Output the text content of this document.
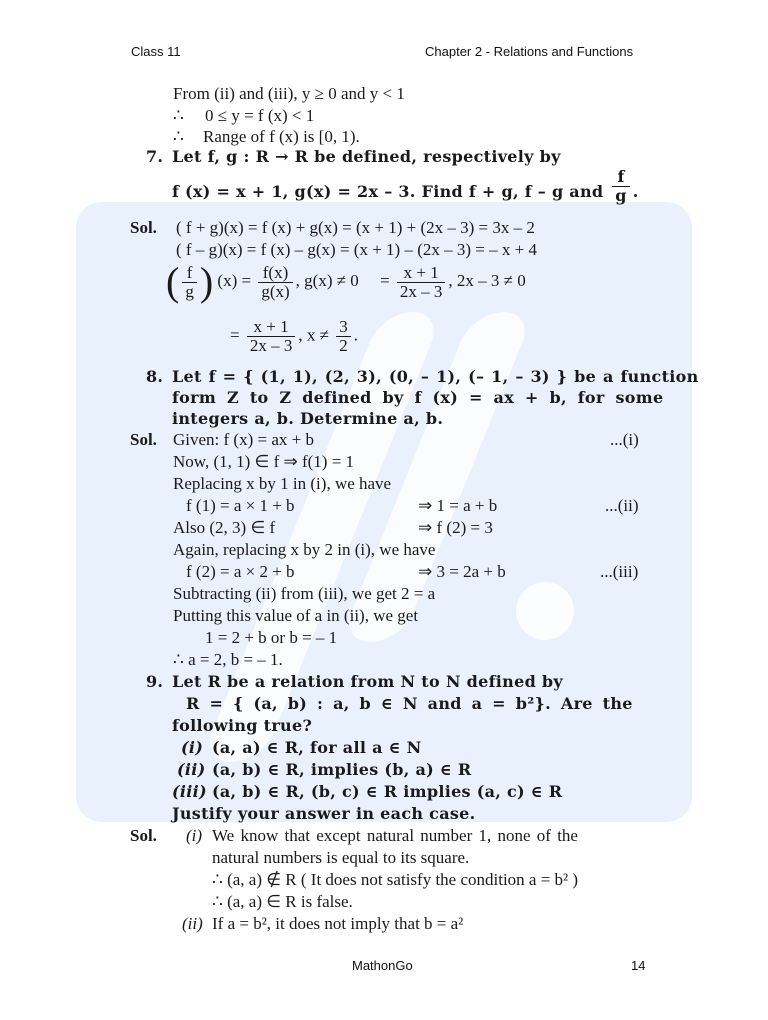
Class 11	Chapter 2 - Relations and Functions
From (ii) and (iii), y ≥ 0 and y < 1
∴ 0 ≤ y = f (x) < 1
∴ Range of f (x) is [0, 1).
7. Let f, g : R → R be defined, respectively by
f (x) = x + 1, g(x) = 2x – 3. Find f + g, f – g and $\frac{f}{g}$ .
Sol. ( f + g)(x) = f (x) + g(x) = (x + 1) + (2x – 3) = 3x – 2
( f – g)(x) = f (x) – g(x) = (x + 1) – (2x – 3) = – x + 4
( $\frac{f}{g}$ ) $(x) = \frac{f(x)}{g(x)}$ , $g(x) \ne 0 = \frac{x + 1}{2x - 3}$ , 2x – 3 ≠ 0
= $\frac{x + 1}{2x - 3}$ , $x \ne \frac{3}{2}$ .
8. Let f = { (1, 1), (2, 3), (0, – 1), (– 1, – 3) } be a function
form Z to Z defined by f (x) = ax + b, for some
integers a, b. Determine a, b.
Sol. Given: f (x) = ax + b	...(i)
Now, (1, 1) ∈ f ⇒ f(1) = 1
Replacing x by 1 in (i), we have
f (1) = a × 1 + b	⇒ 1 = a + b	...(ii)
Also (2, 3) ∈ f	⇒ f (2) = 3
Again, replacing x by 2 in (i), we have
f (2) = a × 2 + b	⇒ 3 = 2a + b	...(iii)
Subtracting (ii) from (iii), we get 2 = a
Putting this value of a in (ii), we get
1 = 2 + b or b = – 1
∴ a = 2, b = – 1.
9. Let R be a relation from N to N defined by
R = { (a, b) : a, b ∈ N and a = b²}. Are the
following true?
(i) (a, a) ∈ R, for all a ∈ N
(ii) (a, b) ∈ R, implies (b, a) ∈ R
(iii) (a, b) ∈ R, (b, c) ∈ R implies (a, c) ∈ R
Justify your answer in each case.
Sol. (i) We know that except natural number 1, none of the
natural numbers is equal to its square.
∴ (a, a) ∉ R ( It does not satisfy the condition a = b² )
∴ (a, a) ∈ R is false.
(ii) If a = b², it does not imply that b = a²
MathonGo	14
